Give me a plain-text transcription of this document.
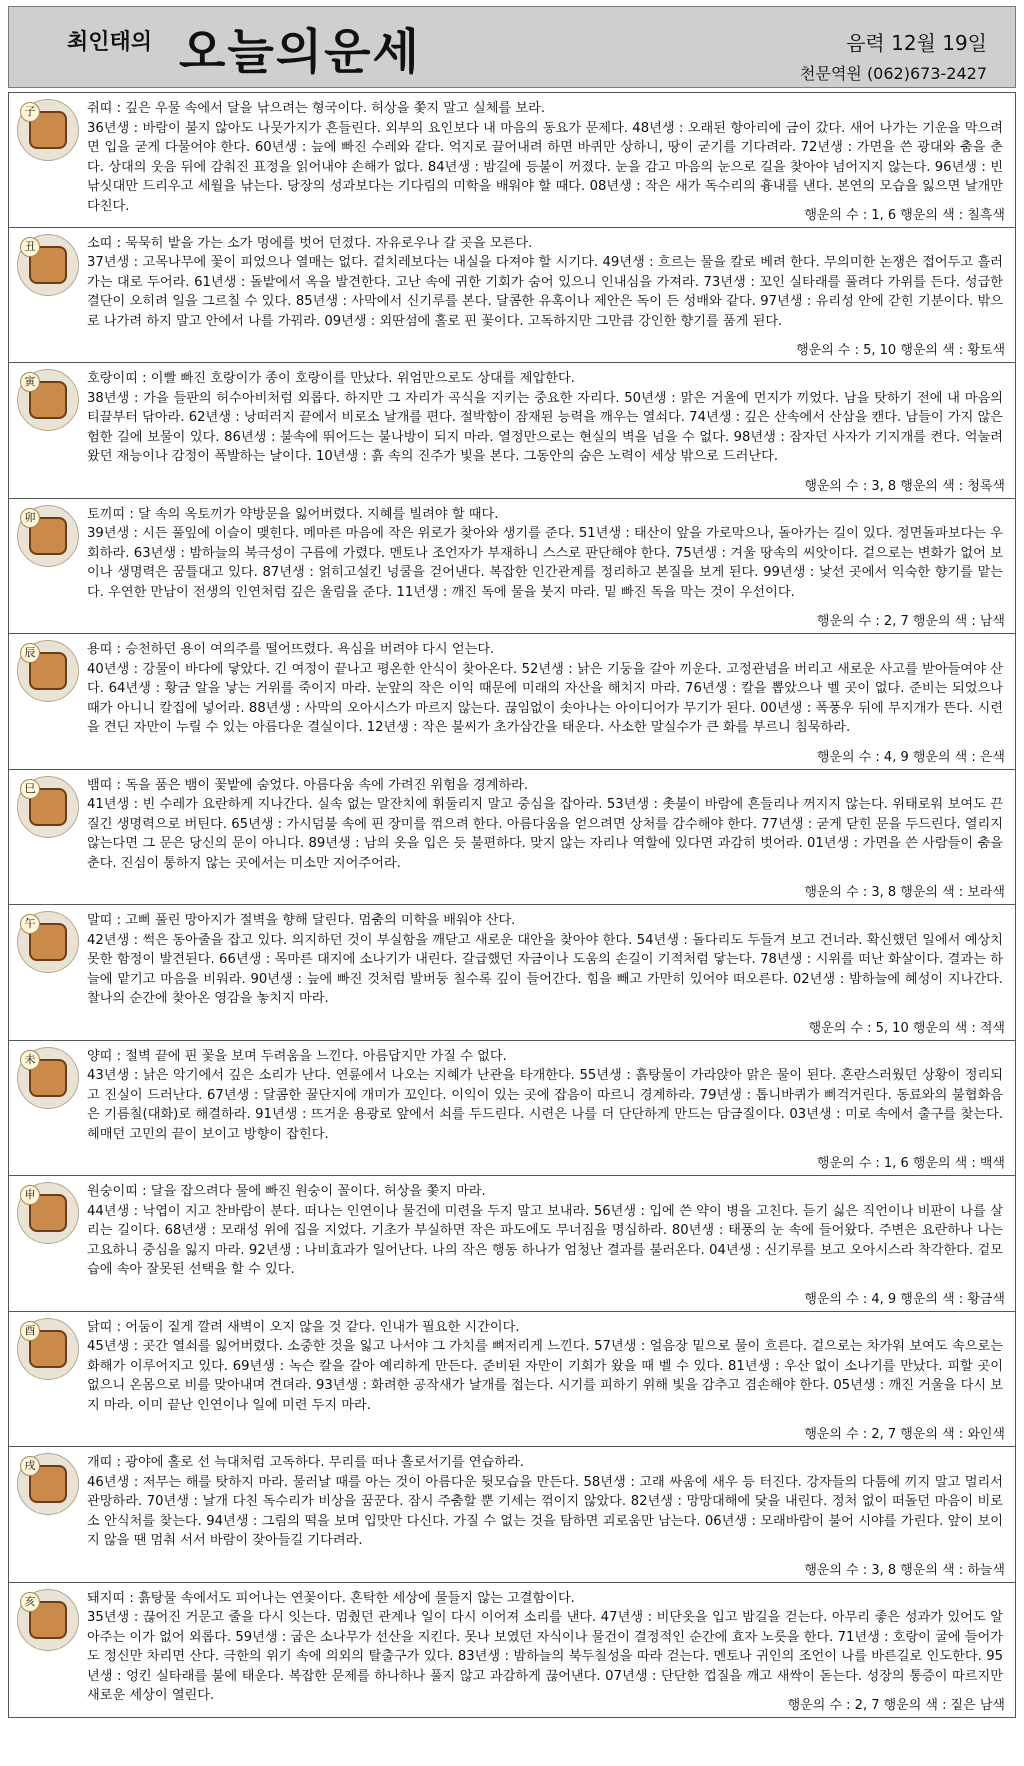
최인태의 오늘의운세	음력 12월 19일
천문역원 (062)673-2427
子	쥐띠 : 깊은 우물 속에서 달을 낚으려는 형국이다. 허상을 쫓지 말고 실체를 보라.
36년생 : 바람이 불지 않아도 나뭇가지가 흔들린다. 외부의 요인보다 내 마음의 동요가 문제다. 48년생 : 오래된 항아리에 금이 갔다. 새어 나가는 기운을 막으려면 입을 굳게 다물어야 한다. 60년생 : 늪에 빠진 수레와 같다. 억지로 끌어내려 하면 바퀴만 상하니, 땅이 굳기를 기다려라. 72년생 : 가면을 쓴 광대와 춤을 춘다. 상대의 웃음 뒤에 감춰진 표정을 읽어내야 손해가 없다. 84년생 : 밤길에 등불이 꺼졌다. 눈을 감고 마음의 눈으로 길을 찾아야 넘어지지 않는다. 96년생 : 빈 낚싯대만 드리우고 세월을 낚는다. 당장의 성과보다는 기다림의 미학을 배워야 할 때다. 08년생 : 작은 새가 독수리의 흉내를 낸다. 본연의 모습을 잃으면 날개만 다친다.
행운의 수 : 1, 6 행운의 색 : 칠흑색
丑	소띠 : 묵묵히 밭을 가는 소가 멍에를 벗어 던졌다. 자유로우나 갈 곳을 모른다.
37년생 : 고목나무에 꽃이 피었으나 열매는 없다. 겉치레보다는 내실을 다져야 할 시기다. 49년생 : 흐르는 물을 칼로 베려 한다. 무의미한 논쟁은 접어두고 흘러가는 대로 두어라. 61년생 : 돌밭에서 옥을 발견한다. 고난 속에 귀한 기회가 숨어 있으니 인내심을 가져라. 73년생 : 꼬인 실타래를 풀려다 가위를 든다. 성급한 결단이 오히려 일을 그르칠 수 있다. 85년생 : 사막에서 신기루를 본다. 달콤한 유혹이나 제안은 독이 든 성배와 같다. 97년생 : 유리성 안에 갇힌 기분이다. 밖으로 나가려 하지 말고 안에서 나를 가꿔라. 09년생 : 외딴섬에 홀로 핀 꽃이다. 고독하지만 그만큼 강인한 향기를 품게 된다.
행운의 수 : 5, 10 행운의 색 : 황토색
寅	호랑이띠 : 이빨 빠진 호랑이가 종이 호랑이를 만났다. 위엄만으로도 상대를 제압한다.
38년생 : 가을 들판의 허수아비처럼 외롭다. 하지만 그 자리가 곡식을 지키는 중요한 자리다. 50년생 : 맑은 거울에 먼지가 끼었다. 남을 탓하기 전에 내 마음의 티끌부터 닦아라. 62년생 : 낭떠러지 끝에서 비로소 날개를 편다. 절박함이 잠재된 능력을 깨우는 열쇠다. 74년생 : 깊은 산속에서 산삼을 캔다. 남들이 가지 않은 험한 길에 보물이 있다. 86년생 : 불속에 뛰어드는 불나방이 되지 마라. 열정만으로는 현실의 벽을 넘을 수 없다. 98년생 : 잠자던 사자가 기지개를 켠다. 억눌려왔던 재능이나 감정이 폭발하는 날이다. 10년생 : 흙 속의 진주가 빛을 본다. 그동안의 숨은 노력이 세상 밖으로 드러난다.
행운의 수 : 3, 8 행운의 색 : 청록색
卯	토끼띠 : 달 속의 옥토끼가 약방문을 잃어버렸다. 지혜를 빌려야 할 때다.
39년생 : 시든 풀잎에 이슬이 맺힌다. 메마른 마음에 작은 위로가 찾아와 생기를 준다. 51년생 : 태산이 앞을 가로막으나, 돌아가는 길이 있다. 정면돌파보다는 우회하라. 63년생 : 밤하늘의 북극성이 구름에 가렸다. 멘토나 조언자가 부재하니 스스로 판단해야 한다. 75년생 : 겨울 땅속의 씨앗이다. 겉으로는 변화가 없어 보이나 생명력은 꿈틀대고 있다. 87년생 : 얽히고설킨 넝쿨을 걷어낸다. 복잡한 인간관계를 정리하고 본질을 보게 된다. 99년생 : 낯선 곳에서 익숙한 향기를 맡는다. 우연한 만남이 전생의 인연처럼 깊은 울림을 준다. 11년생 : 깨진 독에 물을 붓지 마라. 밑 빠진 독을 막는 것이 우선이다.
행운의 수 : 2, 7 행운의 색 : 남색
辰	용띠 : 승천하던 용이 여의주를 떨어뜨렸다. 욕심을 버려야 다시 얻는다.
40년생 : 강물이 바다에 닿았다. 긴 여정이 끝나고 평온한 안식이 찾아온다. 52년생 : 낡은 기둥을 갈아 끼운다. 고정관념을 버리고 새로운 사고를 받아들여야 산다. 64년생 : 황금 알을 낳는 거위를 죽이지 마라. 눈앞의 작은 이익 때문에 미래의 자산을 해치지 마라. 76년생 : 칼을 뽑았으나 벨 곳이 없다. 준비는 되었으나 때가 아니니 칼집에 넣어라. 88년생 : 사막의 오아시스가 마르지 않는다. 끊임없이 솟아나는 아이디어가 무기가 된다. 00년생 : 폭풍우 뒤에 무지개가 뜬다. 시련을 견딘 자만이 누릴 수 있는 아름다운 결실이다. 12년생 : 작은 불씨가 초가삼간을 태운다. 사소한 말실수가 큰 화를 부르니 침묵하라.
행운의 수 : 4, 9 행운의 색 : 은색
巳	뱀띠 : 독을 품은 뱀이 꽃밭에 숨었다. 아름다움 속에 가려진 위험을 경계하라.
41년생 : 빈 수레가 요란하게 지나간다. 실속 없는 말잔치에 휘둘리지 말고 중심을 잡아라. 53년생 : 촛불이 바람에 흔들리나 꺼지지 않는다. 위태로워 보여도 끈질긴 생명력으로 버틴다. 65년생 : 가시덤불 속에 핀 장미를 꺾으려 한다. 아름다움을 얻으려면 상처를 감수해야 한다. 77년생 : 굳게 닫힌 문을 두드린다. 열리지 않는다면 그 문은 당신의 문이 아니다. 89년생 : 남의 옷을 입은 듯 불편하다. 맞지 않는 자리나 역할에 있다면 과감히 벗어라. 01년생 : 가면을 쓴 사람들이 춤을 춘다. 진심이 통하지 않는 곳에서는 미소만 지어주어라.
행운의 수 : 3, 8 행운의 색 : 보라색
午	말띠 : 고삐 풀린 망아지가 절벽을 향해 달린다. 멈춤의 미학을 배워야 산다.
42년생 : 썩은 동아줄을 잡고 있다. 의지하던 것이 부실함을 깨닫고 새로운 대안을 찾아야 한다. 54년생 : 돌다리도 두들겨 보고 건너라. 확신했던 일에서 예상치 못한 함정이 발견된다. 66년생 : 목마른 대지에 소나기가 내린다. 갈급했던 자금이나 도움의 손길이 기적처럼 닿는다. 78년생 : 시위를 떠난 화살이다. 결과는 하늘에 맡기고 마음을 비워라. 90년생 : 늪에 빠진 것처럼 발버둥 칠수록 깊이 들어간다. 힘을 빼고 가만히 있어야 떠오른다. 02년생 : 밤하늘에 혜성이 지나간다. 찰나의 순간에 찾아온 영감을 놓치지 마라.
행운의 수 : 5, 10 행운의 색 : 적색
未	양띠 : 절벽 끝에 핀 꽃을 보며 두려움을 느낀다. 아름답지만 가질 수 없다.
43년생 : 낡은 악기에서 깊은 소리가 난다. 연륜에서 나오는 지혜가 난관을 타개한다. 55년생 : 흙탕물이 가라앉아 맑은 물이 된다. 혼란스러웠던 상황이 정리되고 진실이 드러난다. 67년생 : 달콤한 꿀단지에 개미가 꼬인다. 이익이 있는 곳에 잡음이 따르니 경계하라. 79년생 : 톱니바퀴가 삐걱거린다. 동료와의 불협화음은 기름칠(대화)로 해결하라. 91년생 : 뜨거운 용광로 앞에서 쇠를 두드린다. 시련은 나를 더 단단하게 만드는 담금질이다. 03년생 : 미로 속에서 출구를 찾는다. 헤매던 고민의 끝이 보이고 방향이 잡힌다.
행운의 수 : 1, 6 행운의 색 : 백색
申	원숭이띠 : 달을 잡으려다 물에 빠진 원숭이 꼴이다. 허상을 쫓지 마라.
44년생 : 낙엽이 지고 찬바람이 분다. 떠나는 인연이나 물건에 미련을 두지 말고 보내라. 56년생 : 입에 쓴 약이 병을 고친다. 듣기 싫은 직언이나 비판이 나를 살리는 길이다. 68년생 : 모래성 위에 집을 지었다. 기초가 부실하면 작은 파도에도 무너짐을 명심하라. 80년생 : 태풍의 눈 속에 들어왔다. 주변은 요란하나 나는 고요하니 중심을 잃지 마라. 92년생 : 나비효과가 일어난다. 나의 작은 행동 하나가 엄청난 결과를 불러온다. 04년생 : 신기루를 보고 오아시스라 착각한다. 겉모습에 속아 잘못된 선택을 할 수 있다.
행운의 수 : 4, 9 행운의 색 : 황금색
酉	닭띠 : 어둠이 짙게 깔려 새벽이 오지 않을 것 같다. 인내가 필요한 시간이다.
45년생 : 곳간 열쇠를 잃어버렸다. 소중한 것을 잃고 나서야 그 가치를 뼈저리게 느낀다. 57년생 : 얼음장 밑으로 물이 흐른다. 겉으로는 차가워 보여도 속으로는 화해가 이루어지고 있다. 69년생 : 녹슨 칼을 갈아 예리하게 만든다. 준비된 자만이 기회가 왔을 때 벨 수 있다. 81년생 : 우산 없이 소나기를 만났다. 피할 곳이 없으니 온몸으로 비를 맞아내며 견뎌라. 93년생 : 화려한 공작새가 날개를 접는다. 시기를 피하기 위해 빛을 감추고 겸손해야 한다. 05년생 : 깨진 거울을 다시 보지 마라. 이미 끝난 인연이나 일에 미련 두지 마라.
행운의 수 : 2, 7 행운의 색 : 와인색
戌	개띠 : 광야에 홀로 선 늑대처럼 고독하다. 무리를 떠나 홀로서기를 연습하라.
46년생 : 저무는 해를 탓하지 마라. 물러날 때를 아는 것이 아름다운 뒷모습을 만든다. 58년생 : 고래 싸움에 새우 등 터진다. 강자들의 다툼에 끼지 말고 멀리서 관망하라. 70년생 : 날개 다친 독수리가 비상을 꿈꾼다. 잠시 주춤할 뿐 기세는 꺾이지 않았다. 82년생 : 망망대해에 닻을 내린다. 정처 없이 떠돌던 마음이 비로소 안식처를 찾는다. 94년생 : 그림의 떡을 보며 입맛만 다신다. 가질 수 없는 것을 탐하면 괴로움만 남는다. 06년생 : 모래바람이 불어 시야를 가린다. 앞이 보이지 않을 땐 멈춰 서서 바람이 잦아들길 기다려라.
행운의 수 : 3, 8 행운의 색 : 하늘색
亥	돼지띠 : 흙탕물 속에서도 피어나는 연꽃이다. 혼탁한 세상에 물들지 않는 고결함이다.
35년생 : 끊어진 거문고 줄을 다시 잇는다. 멈췄던 관계나 일이 다시 이어져 소리를 낸다. 47년생 : 비단옷을 입고 밤길을 걷는다. 아무리 좋은 성과가 있어도 알아주는 이가 없어 외롭다. 59년생 : 굽은 소나무가 선산을 지킨다. 못나 보였던 자식이나 물건이 결정적인 순간에 효자 노릇을 한다. 71년생 : 호랑이 굴에 들어가도 정신만 차리면 산다. 극한의 위기 속에 의외의 탈출구가 있다. 83년생 : 밤하늘의 북두칠성을 따라 걷는다. 멘토나 귀인의 조언이 나를 바른길로 인도한다. 95년생 : 엉킨 실타래를 불에 태운다. 복잡한 문제를 하나하나 풀지 않고 과감하게 끊어낸다. 07년생 : 단단한 껍질을 깨고 새싹이 돋는다. 성장의 통증이 따르지만 새로운 세상이 열린다.
행운의 수 : 2, 7 행운의 색 : 짙은 남색
